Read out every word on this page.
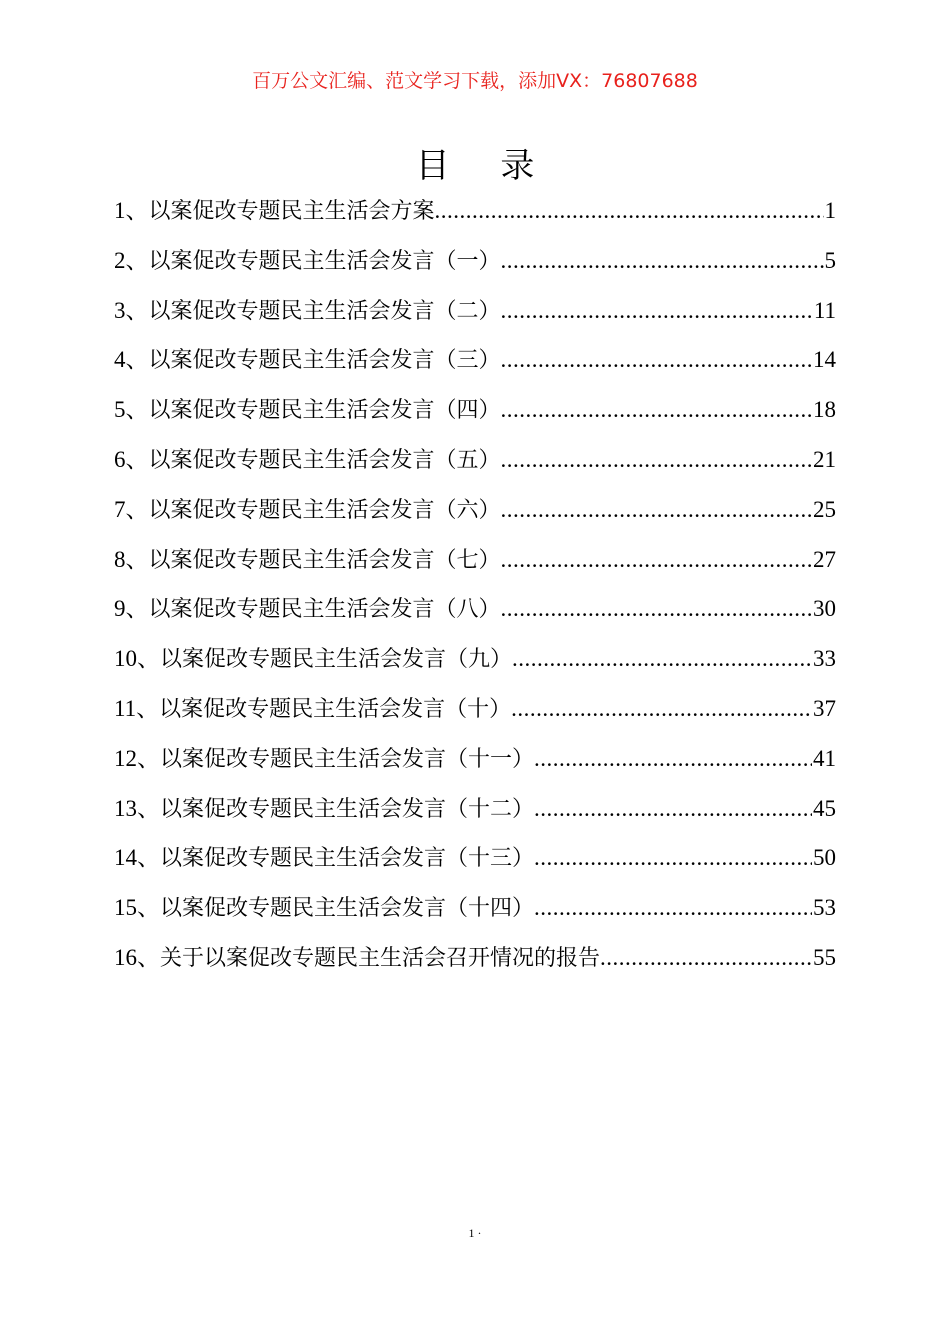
百万公文汇编、范文学习下载，添加VX：76807688
目 录
1、 以案促改专题民主生活会方案 .....	1
2、 以案促改专题民主生活会发言（一） .....	5
3、 以案促改专题民主生活会发言（二） .....	11
4、 以案促改专题民主生活会发言（三） .....	14
5、 以案促改专题民主生活会发言（四） .....	18
6、 以案促改专题民主生活会发言（五） .....	21
7、 以案促改专题民主生活会发言（六） .....	25
8、 以案促改专题民主生活会发言（七） .....	27
9、 以案促改专题民主生活会发言（八） .....	30
10、 以案促改专题民主生活会发言（九） .....	33
11、 以案促改专题民主生活会发言（十） .....	37
12、 以案促改专题民主生活会发言（十一） .....	41
13、 以案促改专题民主生活会发言（十二） .....	45
14、 以案促改专题民主生活会发言（十三） .....	50
15、 以案促改专题民主生活会发言（十四） .....	53
16、 关于以案促改专题民主生活会召开情况的报告 .....	55
1 ·
